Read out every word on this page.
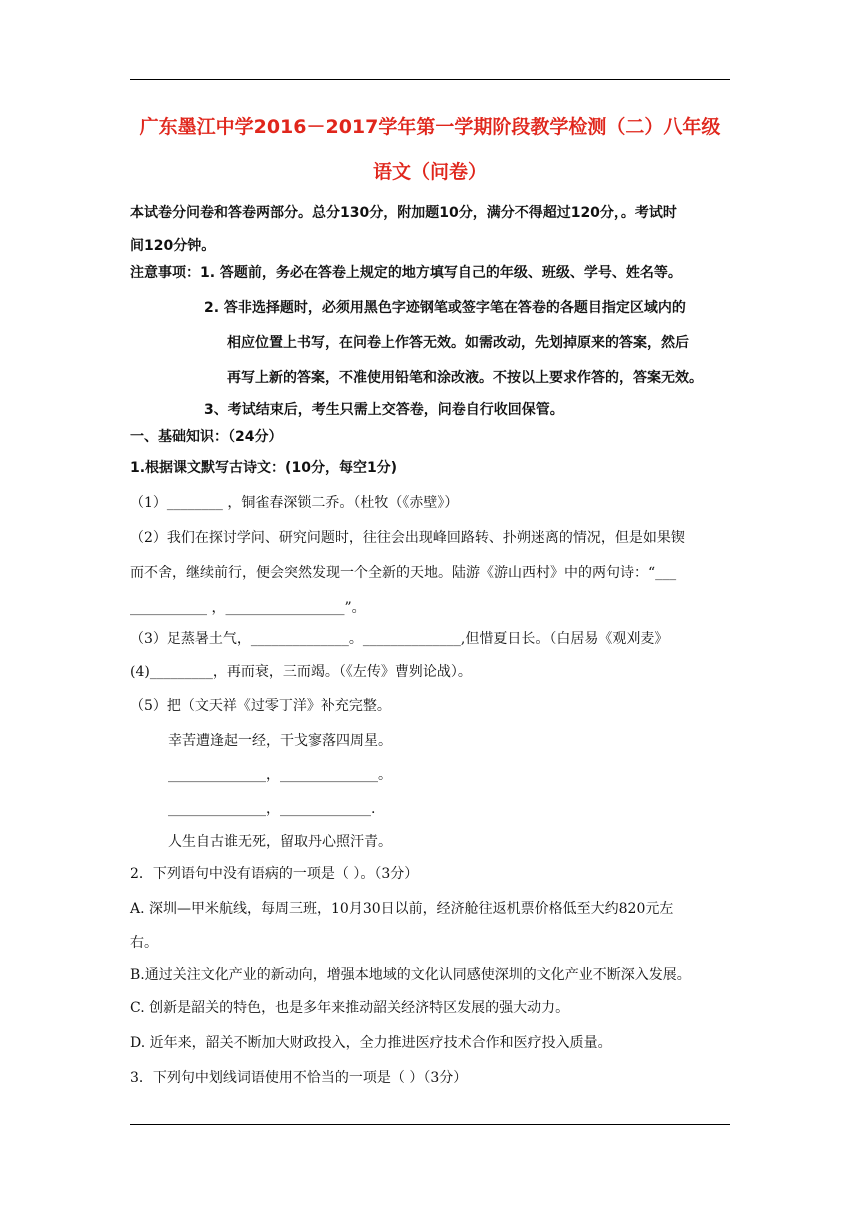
广东墨江中学2016－2017学年第一学期阶段教学检测（二）八年级
语文（问卷）
本试卷分问卷和答卷两部分。总分130分，附加题10分，满分不得超过120分，。考试时
间120分钟。
注意事项：1. 答题前，务必在答卷上规定的地方填写自己的年级、班级、学号、姓名等。
2. 答非选择题时，必须用黑色字迹钢笔或签字笔在答卷的各题目指定区域内的
相应位置上书写，在问卷上作答无效。如需改动，先划掉原来的答案，然后
再写上新的答案，不准使用铅笔和涂改液。不按以上要求作答的，答案无效。
3、考试结束后，考生只需上交答卷，问卷自行收回保管。
一、基础知识：（24分）
1.根据课文默写古诗文：(10分，每空1分)
（1）________ ，铜雀春深锁二乔。（杜牧（《赤壁》）
（2）我们在探讨学问、研究问题时，往往会出现峰回路转、扑朔迷离的情况，但是如果锲
而不舍，继续前行，便会突然发现一个全新的天地。陆游《游山西村》中的两句诗：“___
___________ ，_________________”。
（3）足蒸暑土气，______________。______________,但惜夏日长。（白居易《观刈麦》
(4)_________，再而衰，三而竭。（《左传》曹刿论战）。
（5）把（文天祥《过零丁洋》补充完整。
幸苦遭逢起一经，干戈寥落四周星。
______________，______________。
______________，_____________.
人生自古谁无死，留取丹心照汗青。
2．下列语句中没有语病的一项是（ ）。（3分）
A. 深圳—甲米航线，每周三班，10月30日以前，经济舱往返机票价格低至大约820元左
右。
B.通过关注文化产业的新动向，增强本地域的文化认同感使深圳的文化产业不断深入发展。
C. 创新是韶关的特色，也是多年来推动韶关经济特区发展的强大动力。
D. 近年来，韶关不断加大财政投入，全力推进医疗技术合作和医疗投入质量。
3．下列句中划线词语使用不恰当的一项是（ ）（3分）
